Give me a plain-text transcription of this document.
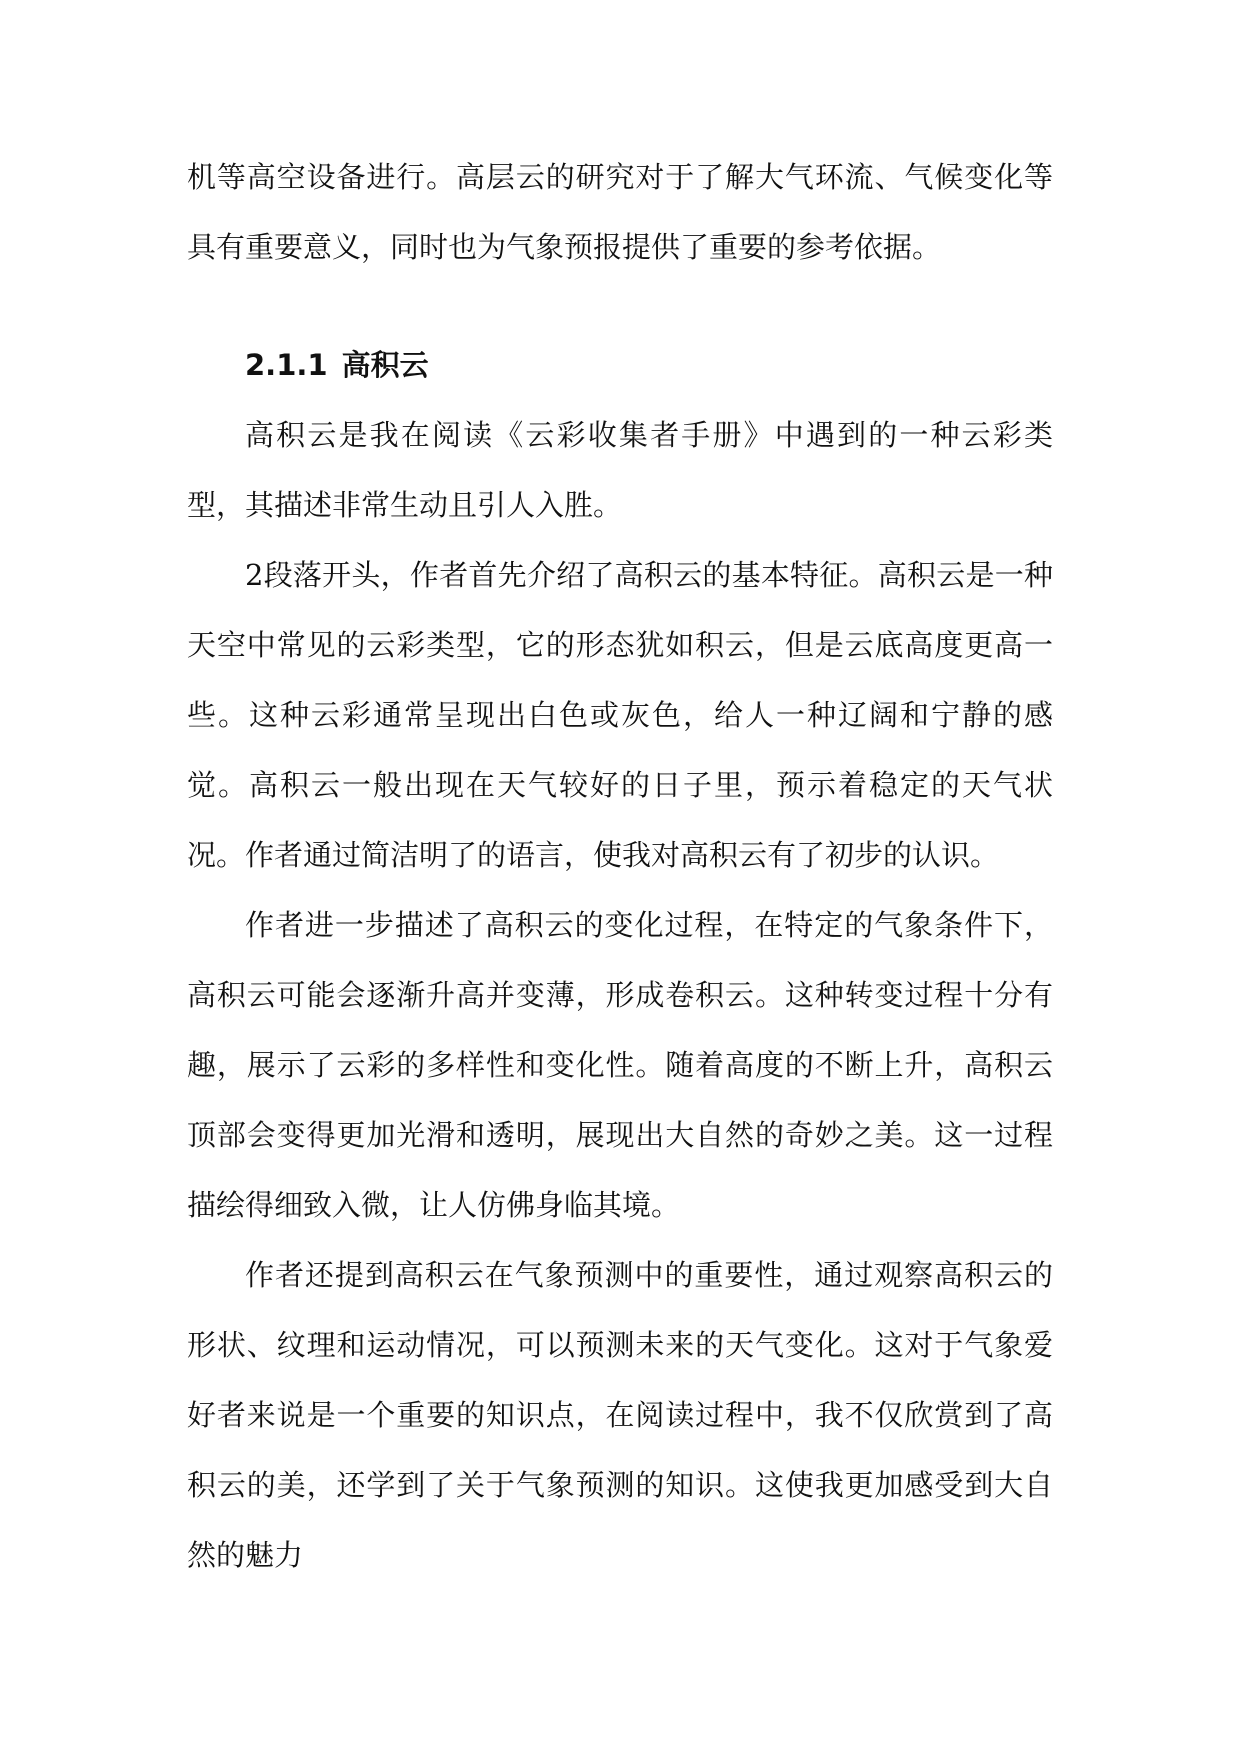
机等高空设备进行。高层云的研究对于了解大气环流、气候变化等具有重要意义，同时也为气象预报提供了重要的参考依据。

2.1.1 高积云

高积云是我在阅读《云彩收集者手册》中遇到的一种云彩类型，其描述非常生动且引人入胜。

2段落开头，作者首先介绍了高积云的基本特征。高积云是一种天空中常见的云彩类型，它的形态犹如积云，但是云底高度更高一些。这种云彩通常呈现出白色或灰色，给人一种辽阔和宁静的感觉。高积云一般出现在天气较好的日子里，预示着稳定的天气状况。作者通过简洁明了的语言，使我对高积云有了初步的认识。

作者进一步描述了高积云的变化过程，在特定的气象条件下，高积云可能会逐渐升高并变薄，形成卷积云。这种转变过程十分有趣，展示了云彩的多样性和变化性。随着高度的不断上升，高积云顶部会变得更加光滑和透明，展现出大自然的奇妙之美。这一过程描绘得细致入微，让人仿佛身临其境。

作者还提到高积云在气象预测中的重要性，通过观察高积云的形状、纹理和运动情况，可以预测未来的天气变化。这对于气象爱好者来说是一个重要的知识点，在阅读过程中，我不仅欣赏到了高积云的美，还学到了关于气象预测的知识。这使我更加感受到大自然的魅力
